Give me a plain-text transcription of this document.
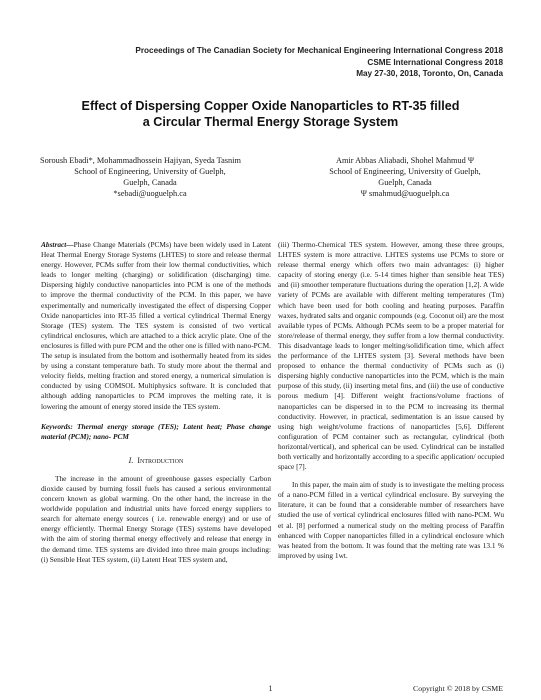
Proceedings of The Canadian Society for Mechanical Engineering International Congress 2018
CSME International Congress 2018
May 27-30, 2018, Toronto, On, Canada
Effect of Dispersing Copper Oxide Nanoparticles to RT-35 filled
a Circular Thermal Energy Storage System
Soroush Ebadi*, Mohammadhossein Hajiyan, Syeda Tasnim
School of Engineering, University of Guelph,
Guelph, Canada
*sebadi@uoguelph.ca
Amir Abbas Aliabadi, Shohel Mahmud Ψ
School of Engineering, University of Guelph,
Guelph, Canada
Ψ smahmud@uoguelph.ca

Abstract—Phase Change Materials (PCMs) have been widely used in Latent Heat Thermal Energy Storage Systems (LHTES) to store and release thermal energy. However, PCMs suffer from their low thermal conductivities, which leads to longer melting (charging) or solidification (discharging) time. Dispersing highly conductive nanoparticles into PCM is one of the methods to improve the thermal conductivity of the PCM. In this paper, we have experimentally and numerically investigated the effect of dispersing Copper Oxide nanoparticles into RT-35 filled a vertical cylindrical Thermal Energy Storage (TES) system. The TES system is consisted of two vertical cylindrical enclosures, which are attached to a thick acrylic plate. One of the enclosures is filled with pure PCM and the other one is filled with nano-PCM. The setup is insulated from the bottom and isothermally heated from its sides by using a constant temperature bath. To study more about the thermal and velocity fields, melting fraction and stored energy, a numerical simulation is conducted by using COMSOL Multiphysics software. It is concluded that although adding nanoparticles to PCM improves the melting rate, it is lowering the amount of energy stored inside the TES system.

Keywords: Thermal energy storage (TES); Latent heat; Phase change material (PCM); nano- PCM

I. Introduction

The increase in the amount of greenhouse gasses especially Carbon dioxide caused by burning fossil fuels has caused a serious environmental concern known as global warming. On the other hand, the increase in the worldwide population and industrial units have forced energy suppliers to search for alternate energy sources ( i.e. renewable energy) and or use of energy efficiently. Thermal Energy Storage (TES) systems have developed with the aim of storing thermal energy effectively and release that energy in the demand time. TES systems are divided into three main groups including: (i) Sensible Heat TES system, (ii) Latent Heat TES system and,

(iii) Thermo-Chemical TES system. However, among these three groups, LHTES system is more attractive. LHTES systems use PCMs to store or release thermal energy which offers two main advantages: (i) higher capacity of storing energy (i.e. 5-14 times higher than sensible heat TES) and (ii) smoother temperature fluctuations during the operation [1,2]. A wide variety of PCMs are available with different melting temperatures (Tm) which have been used for both cooling and heating purposes. Paraffin waxes, hydrated salts and organic compounds (e.g. Coconut oil) are the most available types of PCMs. Although PCMs seem to be a proper material for store/release of thermal energy, they suffer from a low thermal conductivity. This disadvantage leads to longer melting/solidification time, which affect the performance of the LHTES system [3]. Several methods have been proposed to enhance the thermal conductivity of PCMs such as (i) dispersing highly conductive nanoparticles into the PCM, which is the main purpose of this study, (ii) inserting metal fins, and (iii) the use of conductive porous medium [4]. Different weight fractions/volume fractions of nanoparticles can be dispersed in to the PCM to increasing its thermal conductivity. However, in practical, sedimentation is an issue caused by using high weight/volume fractions of nanoparticles [5,6]. Different configuration of PCM container such as rectangular, cylindrical (both horizontal/vertical), and spherical can be used. Cylindrical can be installed both vertically and horizontally according to a specific application/ occupied space [7].

In this paper, the main aim of study is to investigate the melting process of a nano-PCM filled in a vertical cylindrical enclosure. By surveying the literature, it can be found that a considerable number of researchers have studied the use of vertical cylindrical enclosures filled with nano-PCM. Wu et al. [8] performed a numerical study on the melting process of Paraffin enhanced with Copper nanoparticles filled in a cylindrical enclosure which was heated from the bottom. It was found that the melting rate was 13.1 % improved by using 1wt.

1	Copyright © 2018 by CSME
